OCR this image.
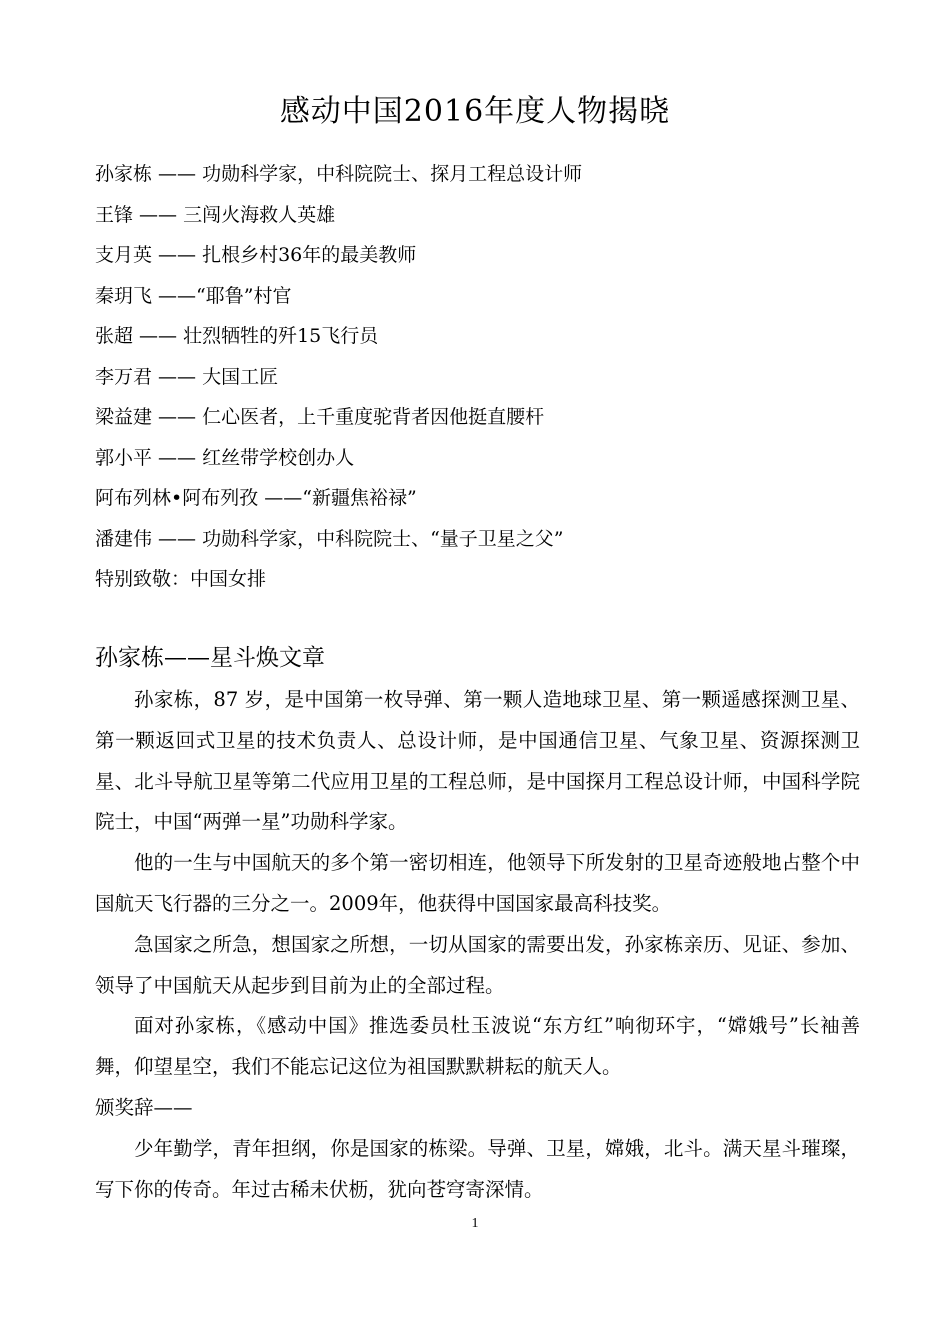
感动中国2016年度人物揭晓
孙家栋 —— 功勋科学家，中科院院士、探月工程总设计师
王锋 —— 三闯火海救人英雄
支月英 —— 扎根乡村36年的最美教师
秦玥飞 ——“耶鲁”村官
张超 —— 壮烈牺牲的歼15飞行员
李万君 —— 大国工匠
梁益建 —— 仁心医者，上千重度驼背者因他挺直腰杆
郭小平 —— 红丝带学校创办人
阿布列林•阿布列孜 ——“新疆焦裕禄”
潘建伟 —— 功勋科学家，中科院院士、“量子卫星之父”
特别致敬：中国女排
孙家栋——星斗焕文章

孙家栋，87 岁，是中国第一枚导弹、第一颗人造地球卫星、第一颗遥感探测卫星、第一颗返回式卫星的技术负责人、总设计师，是中国通信卫星、气象卫星、资源探测卫星、北斗导航卫星等第二代应用卫星的工程总师，是中国探月工程总设计师，中国科学院院士，中国“两弹一星”功勋科学家。

他的一生与中国航天的多个第一密切相连，他领导下所发射的卫星奇迹般地占整个中国航天飞行器的三分之一。2009年，他获得中国国家最高科技奖。

急国家之所急，想国家之所想，一切从国家的需要出发，孙家栋亲历、见证、参加、领导了中国航天从起步到目前为止的全部过程。

面对孙家栋，《感动中国》推选委员杜玉波说“东方红”响彻环宇，“嫦娥号”长袖善舞，仰望星空，我们不能忘记这位为祖国默默耕耘的航天人。

颁奖辞——

少年勤学，青年担纲，你是国家的栋梁。导弹、卫星，嫦娥，北斗。满天星斗璀璨，写下你的传奇。年过古稀未伏枥，犹向苍穹寄深情。

1
